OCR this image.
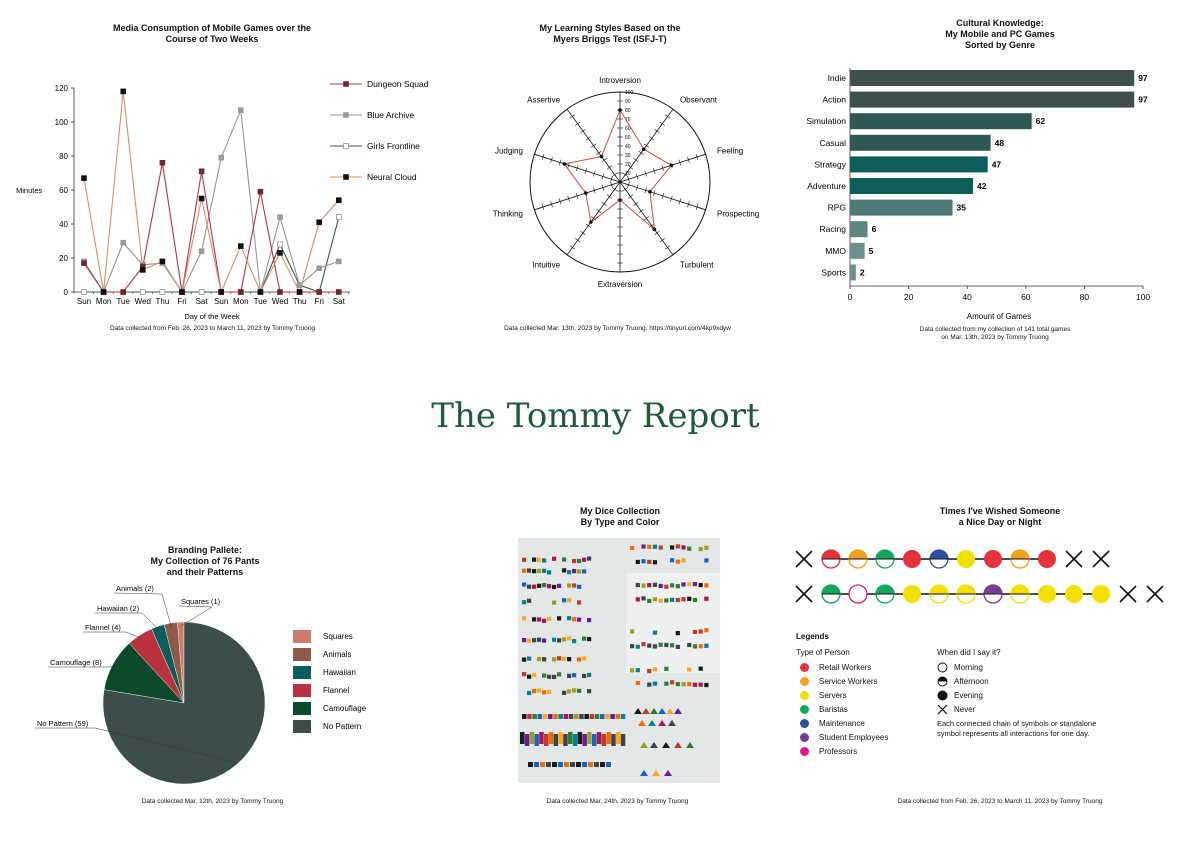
The Tommy Report
Media Consumption of Mobile Games over the
Course of Two Weeks
0
20
40
60
80
100
120
Sun Mon Tue Wed Thu Fri Sat Sun Mon Tue Wed Thu Fri Sat
Day of the Week
Minutes
Dungeon Squad
Blue Archive
Girls Frontline
Neural Cloud
Data collected from Feb. 26, 2023 to March 11, 2023 by Tommy Truong
My Learning Styles Based on the
Myers Briggs Test (ISFJ-T)
Introversion
Observant
Feeling
Prospecting
Turbulent
Extraversion
Intuitive
Thinking
Judging
Assertive
10
20
30
40
50
60
70
80
90
100
Data collected Mar. 13th, 2023 by Tommy Truong, https://tinyurl.com/4kp9xdyw
Cultural Knowledge:
My Mobile and PC Games
Sorted by Genre
Indie	97
Action	97
Simulation	62
Casual	48
Strategy	47
Adventure	42
RPG	35
Racing	6
MMO	5
Sports 2
0	20	40	60	80	100
Amount of Games
Data collected from my collection of 141 total games
on Mar. 13th, 2023 by Tommy Truong
Branding Pallete:
My Collection of 76 Pants
and their Patterns
Squares (1)
Animals (2)
Hawaiian (2)
Flannel (4)
Camouflage (8)
No Pattern (59)
Squares
Animals
Hawaiian
Flannel
Camouflage
No Pattern
Data collected Mar. 12th, 2023 by Tommy Truong
My Dice Collection
By Type and Color
Data collected Mar. 24th, 2023 by Tommy Truong
Times I've Wished Someone
a Nice Day or Night
Legends
Type of Person
Retail Workers
Service Workers
Servers
Baristas
Maintenance
Student Employees
Professors
When did I say it?
Morning
Afternoon
Evening
Never
Each connected chain of symbols or standalone
symbol represents all interactions for one day.
Data collected from Feb. 26, 2023 to March 11, 2023 by Tommy Truong
